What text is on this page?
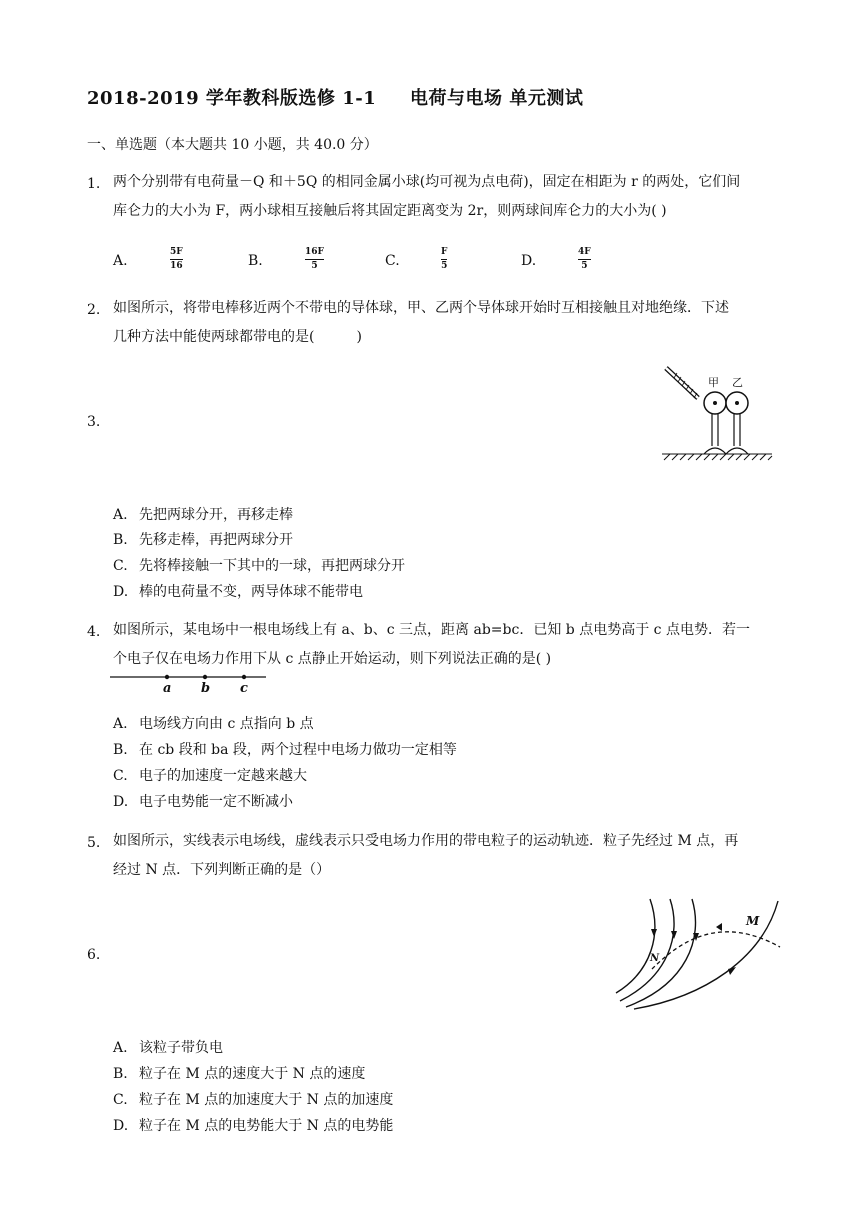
2018-2019 学年教科版选修 1-1     电荷与电场 单元测试
一、单选题（本大题共 10 小题，共 40.0 分）
1. 两个分别带有电荷量－Q 和＋5Q 的相同金属小球(均可视为点电荷)，固定在相距为 r 的两处，它们间
库仑力的大小为 F，两小球相互接触后将其固定距离变为 2r，则两球间库仑力的大小为( )
A.
5F
16	B.
16F
5	C.
F
5	D.
4F
5
2. 如图所示，将带电棒移近两个不带电的导体球，甲、乙两个导体球开始时互相接触且对地绝缘．下述
几种方法中能使两球都带电的是(　　　)
3.
甲 乙
A. 先把两球分开，再移走棒
B. 先移走棒，再把两球分开
C. 先将棒接触一下其中的一球，再把两球分开
D. 棒的电荷量不变，两导体球不能带电
4. 如图所示，某电场中一根电场线上有 a、b、c 三点，距离 ab=bc．已知 b 点电势高于 c 点电势．若一
个电子仅在电场力作用下从 c 点静止开始运动，则下列说法正确的是( )
a b c
A. 电场线方向由 c 点指向 b 点
B. 在 cb 段和 ba 段，两个过程中电场力做功一定相等
C. 电子的加速度一定越来越大
D. 电子电势能一定不断减小
5. 如图所示，实线表示电场线，虚线表示只受电场力作用的带电粒子的运动轨迹．粒子先经过 M 点，再
经过 N 点．下列判断正确的是（）
6.
M
N
A. 该粒子带负电
B. 粒子在 M 点的速度大于 N 点的速度
C. 粒子在 M 点的加速度大于 N 点的加速度
D. 粒子在 M 点的电势能大于 N 点的电势能
